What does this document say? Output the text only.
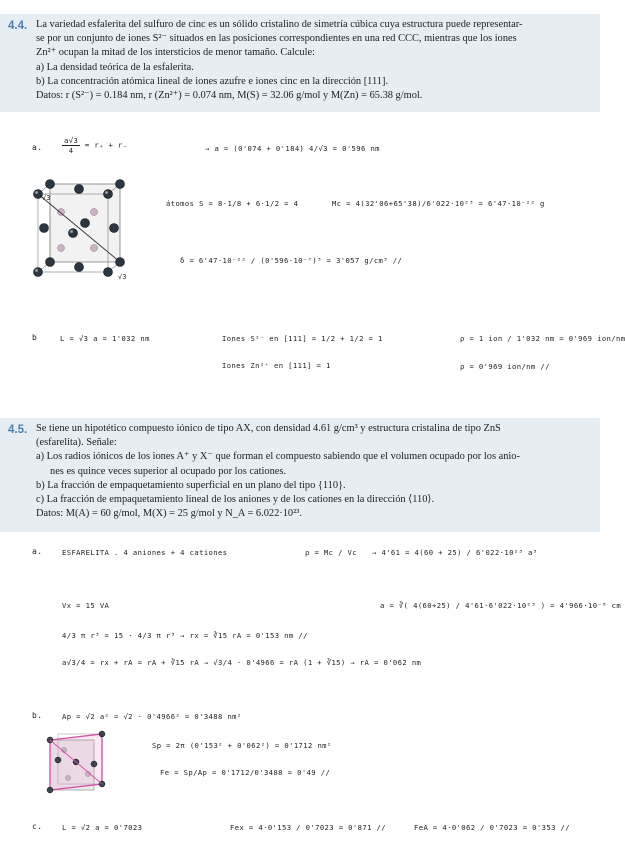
4.4. La variedad esfalerita del sulfuro de cinc es un sólido cristalino de simetría cúbica cuya estructura puede representar-

se por un conjunto de iones S²⁻ situados en las posiciones correspondientes en una red CCC, mientras que los iones

Zn²⁺ ocupan la mitad de los intersticios de menor tamaño. Calcule:

a) La densidad teórica de la esfalerita.

b) La concentración atómica lineal de iones azufre e iones cinc en la dirección [111].

Datos: r (S²⁻) = 0.184 nm, r (Zn²⁺) = 0.074 nm, M(S) = 32.06 g/mol y M(Zn) = 65.38 g/mol.

a.	$\frac{a√3}{4} = r_+ + r_-$	→ a = (0'074 + 0'184) 4/√3 = 0'596 nm
√3
√3
átomos S = 8·1/8 + 6·1/2 = 4	Mc = 4(32'06+65'38)/6'022·10²³ = 6'47·10⁻²² g
δ = 6'47·10⁻²² / (0'596·10⁻⁷)³ = 3'057 g/cm³ //
b	L = √3 a = 1'032 nm	Iones S²⁻ en [111] = 1/2 + 1/2 = 1
Iones Zn²⁺ en [111] = 1
ρ = 1 ion / 1'032 nm = 0'969 ion/nm
ρ = 0'969 ion/nm //
4.5. Se tiene un hipotético compuesto iónico de tipo AX, con densidad 4.61 g/cm³ y estructura cristalina de tipo ZnS

(esfarelita). Señale:

a) Los radios iónicos de los iones A⁺ y X⁻ que forman el compuesto sabiendo que el volumen ocupado por los anio-

nes es quince veces superior al ocupado por los cationes.

b) La fracción de empaquetamiento superficial en un plano del tipo {110}.

c) La fracción de empaquetamiento lineal de los aniones y de los cationes en la dirección ⟨110⟩.

Datos: M(A) = 60 g/mol, M(X) = 25 g/mol y N_A = 6.022·10²³.

a.	ESFARELITA . 4 aniones + 4 cationes	ρ = Mc / Vc → 4'61 = 4(60 + 25) / 6'022·10²³ a³
Vx = 15 VA	a = ∛( 4(60+25) / 4'61·6'022·10²³ ) = 4'966·10⁻⁸ cm
4/3 π r³ = 15 · 4/3 π r³ → rx = ∛15 rA = 0'153 nm //
a√3/4 = rx + rA = rA + ∛15 rA → √3/4 · 0'4966 = rA (1 + ∛15) → rA = 0'062 nm
b.	Ap = √2 a² = √2 · 0'4966² = 0'3488 nm²
Sp = 2π (0'153² + 0'062²) = 0'1712 nm²
Fe = Sp/Ap = 0'1712/0'3488 = 0'49 //
c.	L = √2 a = 0'7023	Fex = 4·0'153 / 0'7023 = 0'871 //	FeA = 4·0'062 / 0'7023 = 0'353 //
